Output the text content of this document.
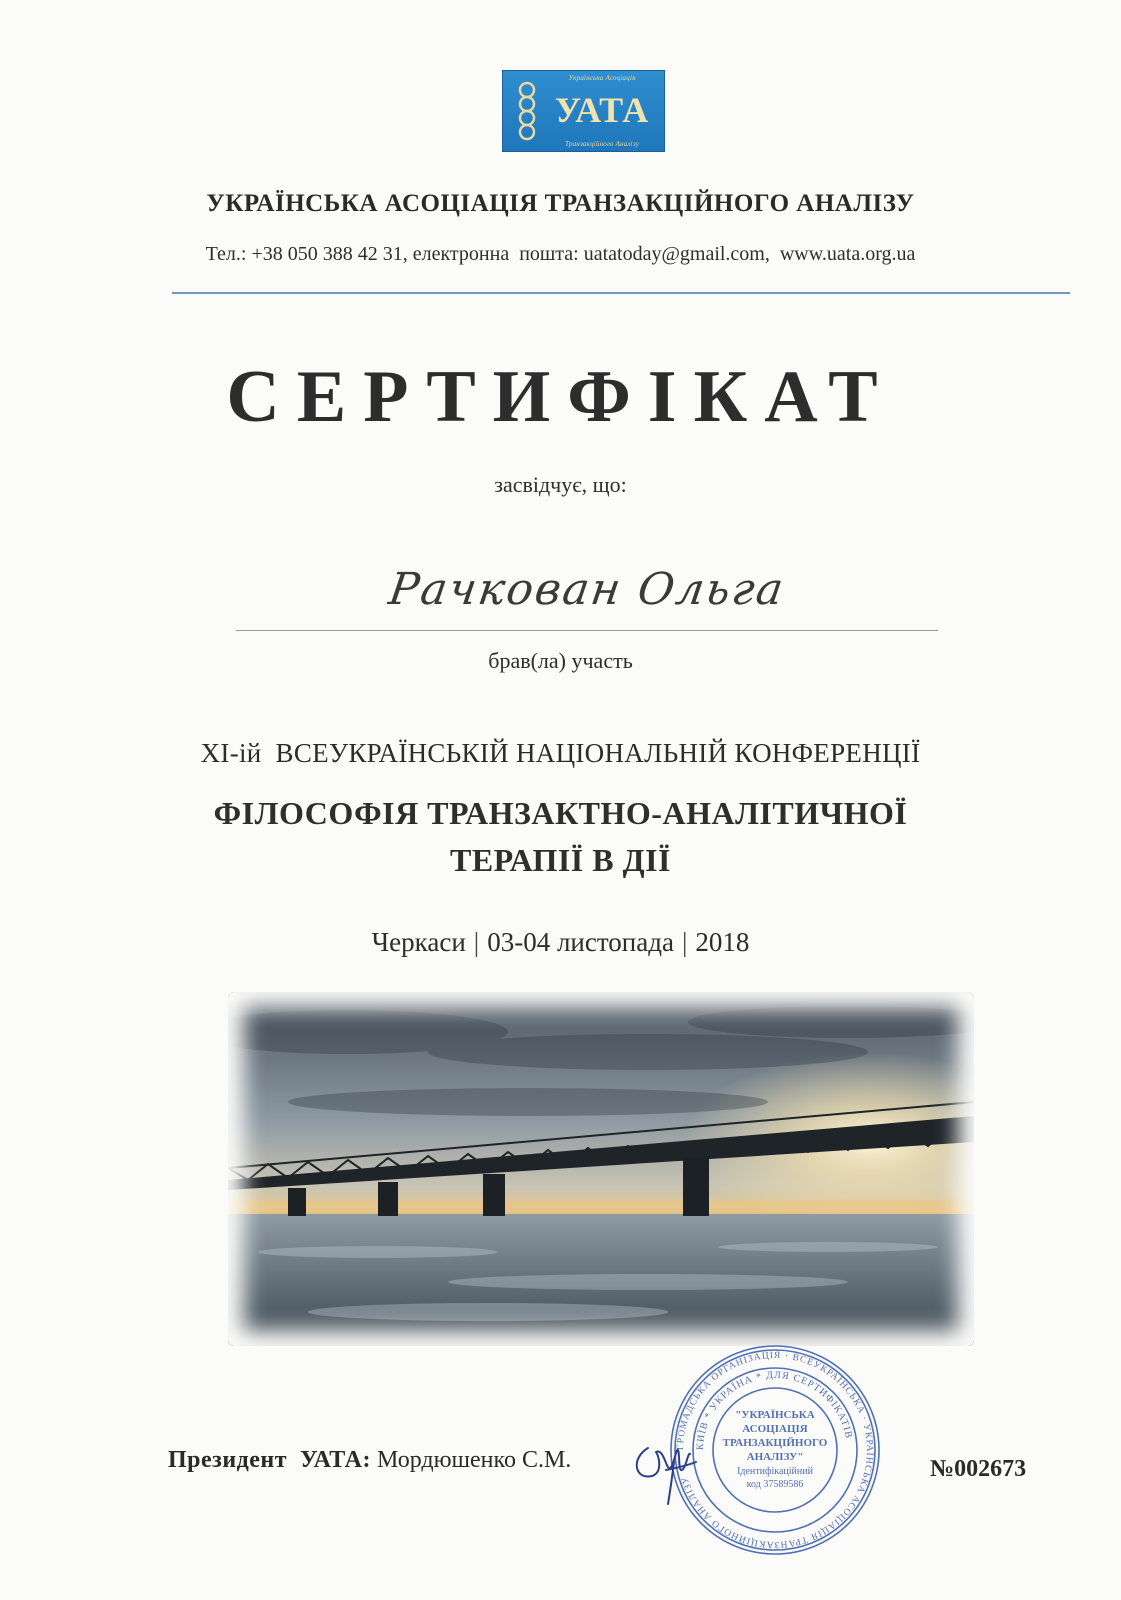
Українська Асоціація
УАТА
Транзакційного Аналізу
УКРАЇНСЬКА АСОЦІАЦІЯ ТРАНЗАКЦІЙНОГО АНАЛІЗУ
Тел.: +38 050 388 42 31, електронна  пошта: uatatoday@gmail.com,  www.uata.org.ua
СЕРТИФІКАТ
засвідчує, що:
Рачкован Ольга
брав(ла) участь
XI-ій ВСЕУКРАЇНСЬКІЙ НАЦІОНАЛЬНІЙ КОНФЕРЕНЦІЇ
ФІЛОСОФІЯ ТРАНЗАКТНО-АНАЛІТИЧНОЇ
ТЕРАПІЇ В ДІЇ
Черкаси | 03-04 листопада | 2018
Президент  УАТА: Мордюшенко С.М.
ГРОМАДСЬКА ОРГАНІЗАЦІЯ · ВСЕУКРАЇНСЬКА · УКРАЇНСЬКА АСОЦІАЦІЯ ТРАНЗАКЦІЙНОГО АНАЛІЗУ
КИЇВ * УКРАЇНА * ДЛЯ СЕРТИФІКАТІВ
"УКРАЇНСЬКА
АСОЦІАЦІЯ
ТРАНЗАКЦІЙНОГО
АНАЛІЗУ"
Ідентифікаційний
код 37589586
№002673
